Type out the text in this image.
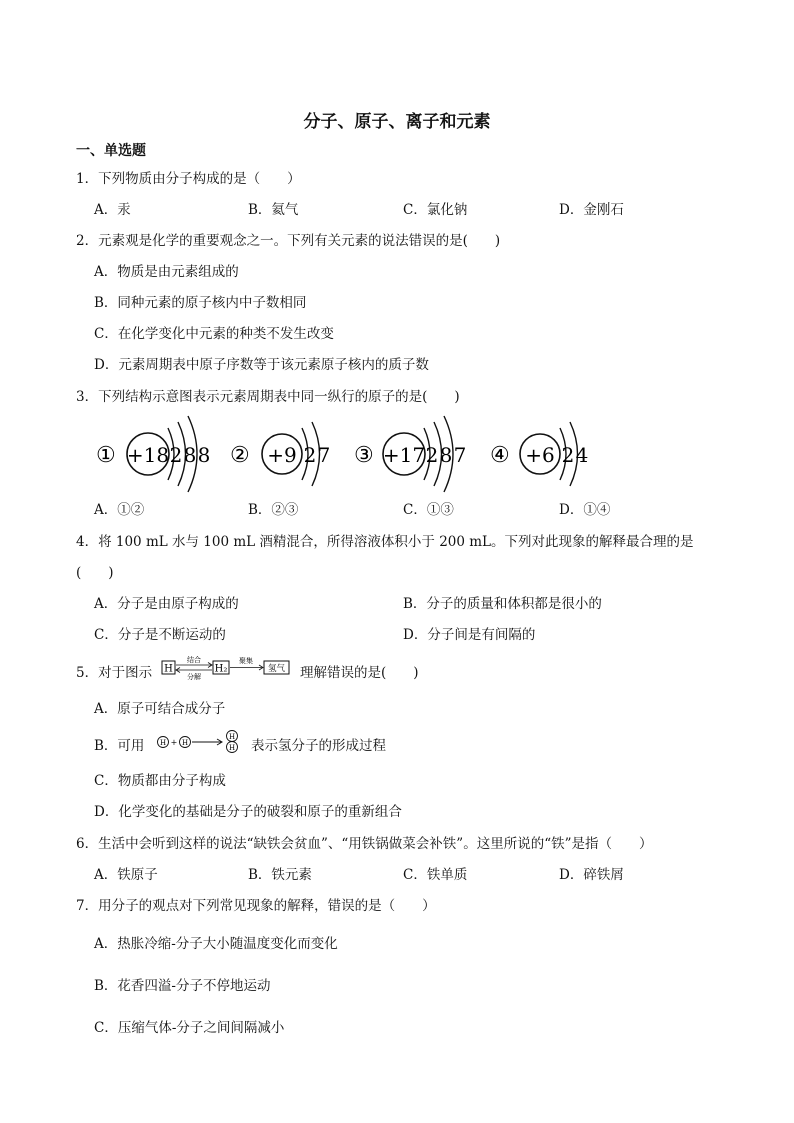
分子、原子、离子和元素
一、单选题
1．下列物质由分子构成的是（　　）
A．汞	B．氦气	C．氯化钠	D．金刚石
2．元素观是化学的重要观念之一。下列有关元素的说法错误的是(　　)
A．物质是由元素组成的
B．同种元素的原子核内中子数相同
C．在化学变化中元素的种类不发生改变
D．元素周期表中原子序数等于该元素原子核内的质子数
3．下列结构示意图表示元素周期表中同一纵行的原子的是(　　)
① +18 2 8 8 ② +9 2 7 ③ +17 2 8 7 ④ +6 2 4
A．①②	B．②③	C．①③	D．①④
4．将 100 mL 水与 100 mL 酒精混合，所得溶液体积小于 200 mL。下列对此现象的解释最合理的是
(　　)
A．分子是由原子构成的	B．分子的质量和体积都是很小的
C．分子是不断运动的	D．分子间是有间隔的
5．对于图示 H
结合
分解
H₂
聚集
氢气 理解错误的是(　　)
A．原子可结合成分子
B．可用 H + H
H
H 表示氢分子的形成过程
C．物质都由分子构成
D．化学变化的基础是分子的破裂和原子的重新组合
6．生活中会听到这样的说法“缺铁会贫血”、“用铁锅做菜会补铁”。这里所说的“铁”是指（　　）
A．铁原子	B．铁元素	C．铁单质	D．碎铁屑
7．用分子的观点对下列常见现象的解释，错误的是（　　）
A．热胀冷缩-分子大小随温度变化而变化
B．花香四溢-分子不停地运动
C．压缩气体-分子之间间隔减小
